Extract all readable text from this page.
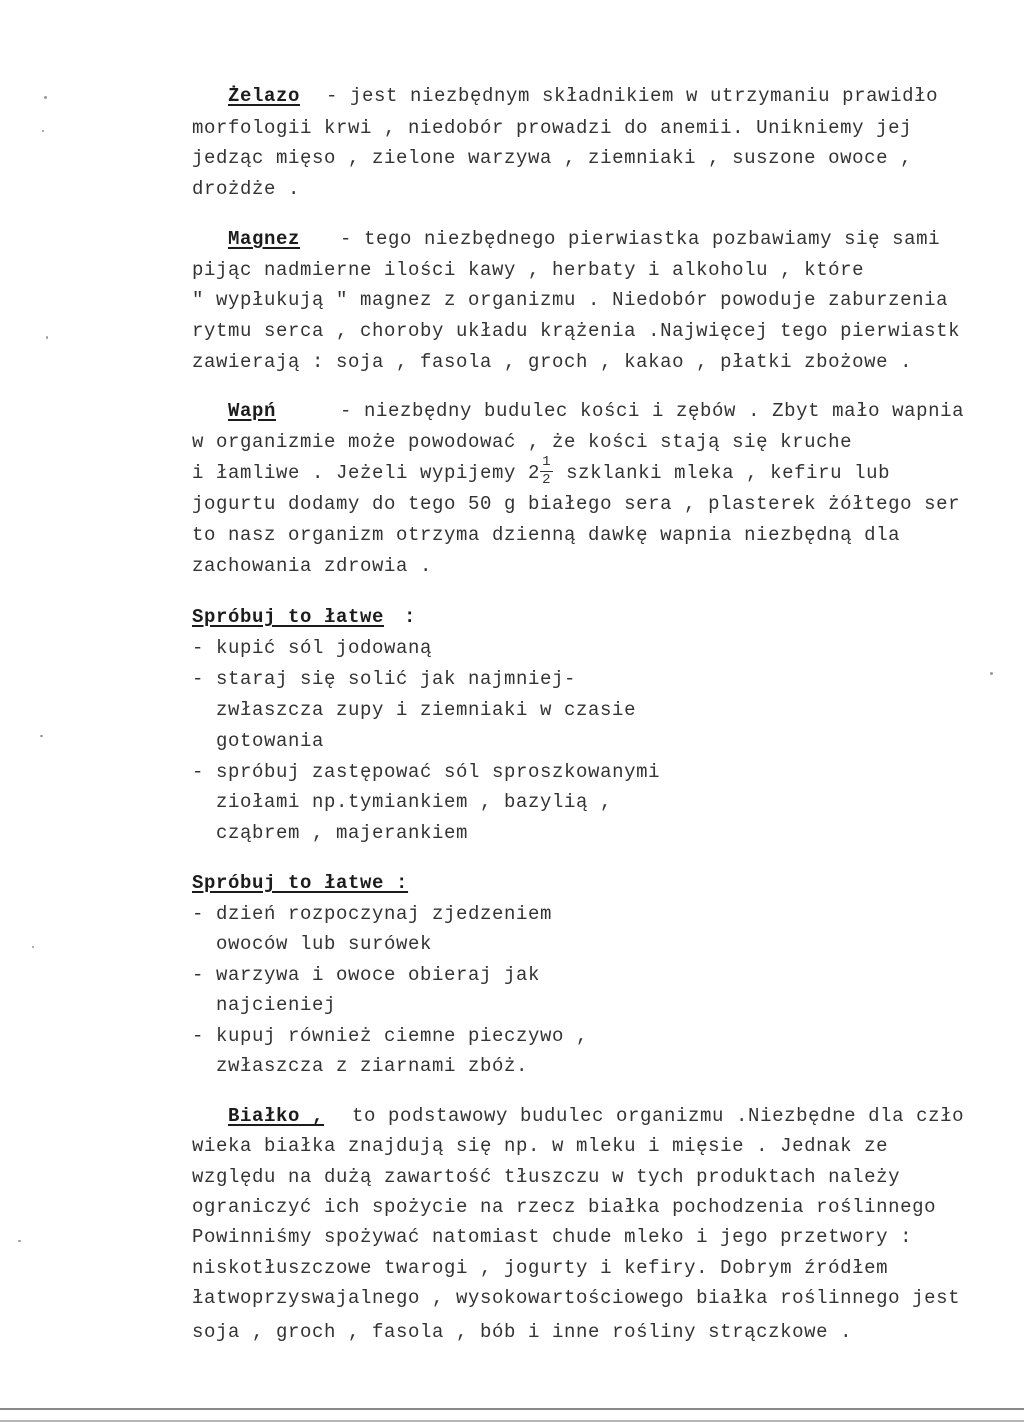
Żelazo	- jest niezbędnym składnikiem w utrzymaniu prawidło
morfologii krwi , niedobór prowadzi do anemii. Unikniemy jej
jedząc mięso , zielone warzywa , ziemniaki , suszone owoce ,
drożdże .
Magnez	- tego niezbędnego pierwiastka pozbawiamy się sami
pijąc nadmierne ilości kawy , herbaty i alkoholu , które
" wypłukują " magnez z organizmu . Niedobór powoduje zaburzenia
rytmu serca , choroby układu krążenia .Najwięcej tego pierwiastk
zawierają : soja , fasola , groch , kakao , płatki zbożowe .
Wapń	- niezbędny budulec kości i zębów . Zbyt mało wapnia
w organizmie może powodować , że kości stają się kruche
i łamliwe . Jeżeli wypijemy $2 \frac{1}{2}$ szklanki mleka , kefiru lub
jogurtu dodamy do tego 50 g białego sera , plasterek żółtego ser
to nasz organizm otrzyma dzienną dawkę wapnia niezbędną dla
zachowania zdrowia .
Spróbuj to łatwe :
- kupić sól jodowaną
- staraj się solić jak najmniej-
zwłaszcza zupy i ziemniaki w czasie
gotowania
- spróbuj zastępować sól sproszkowanymi
ziołami np.tymiankiem , bazylią ,
cząbrem , majerankiem
Spróbuj to łatwe :
- dzień rozpoczynaj zjedzeniem
owoców lub surówek
- warzywa i owoce obieraj jak
najcieniej
- kupuj również ciemne pieczywo ,
zwłaszcza z ziarnami zbóż.
Białko , to podstawowy budulec organizmu .Niezbędne dla czło
wieka białka znajdują się np. w mleku i mięsie . Jednak ze
względu na dużą zawartość tłuszczu w tych produktach należy
ograniczyć ich spożycie na rzecz białka pochodzenia roślinnego
Powinniśmy spożywać natomiast chude mleko i jego przetwory :
niskotłuszczowe twarogi , jogurty i kefiry. Dobrym źródłem
łatwoprzyswajalnego , wysokowartościowego białka roślinnego jest
soja , groch , fasola , bób i inne rośliny strączkowe .
